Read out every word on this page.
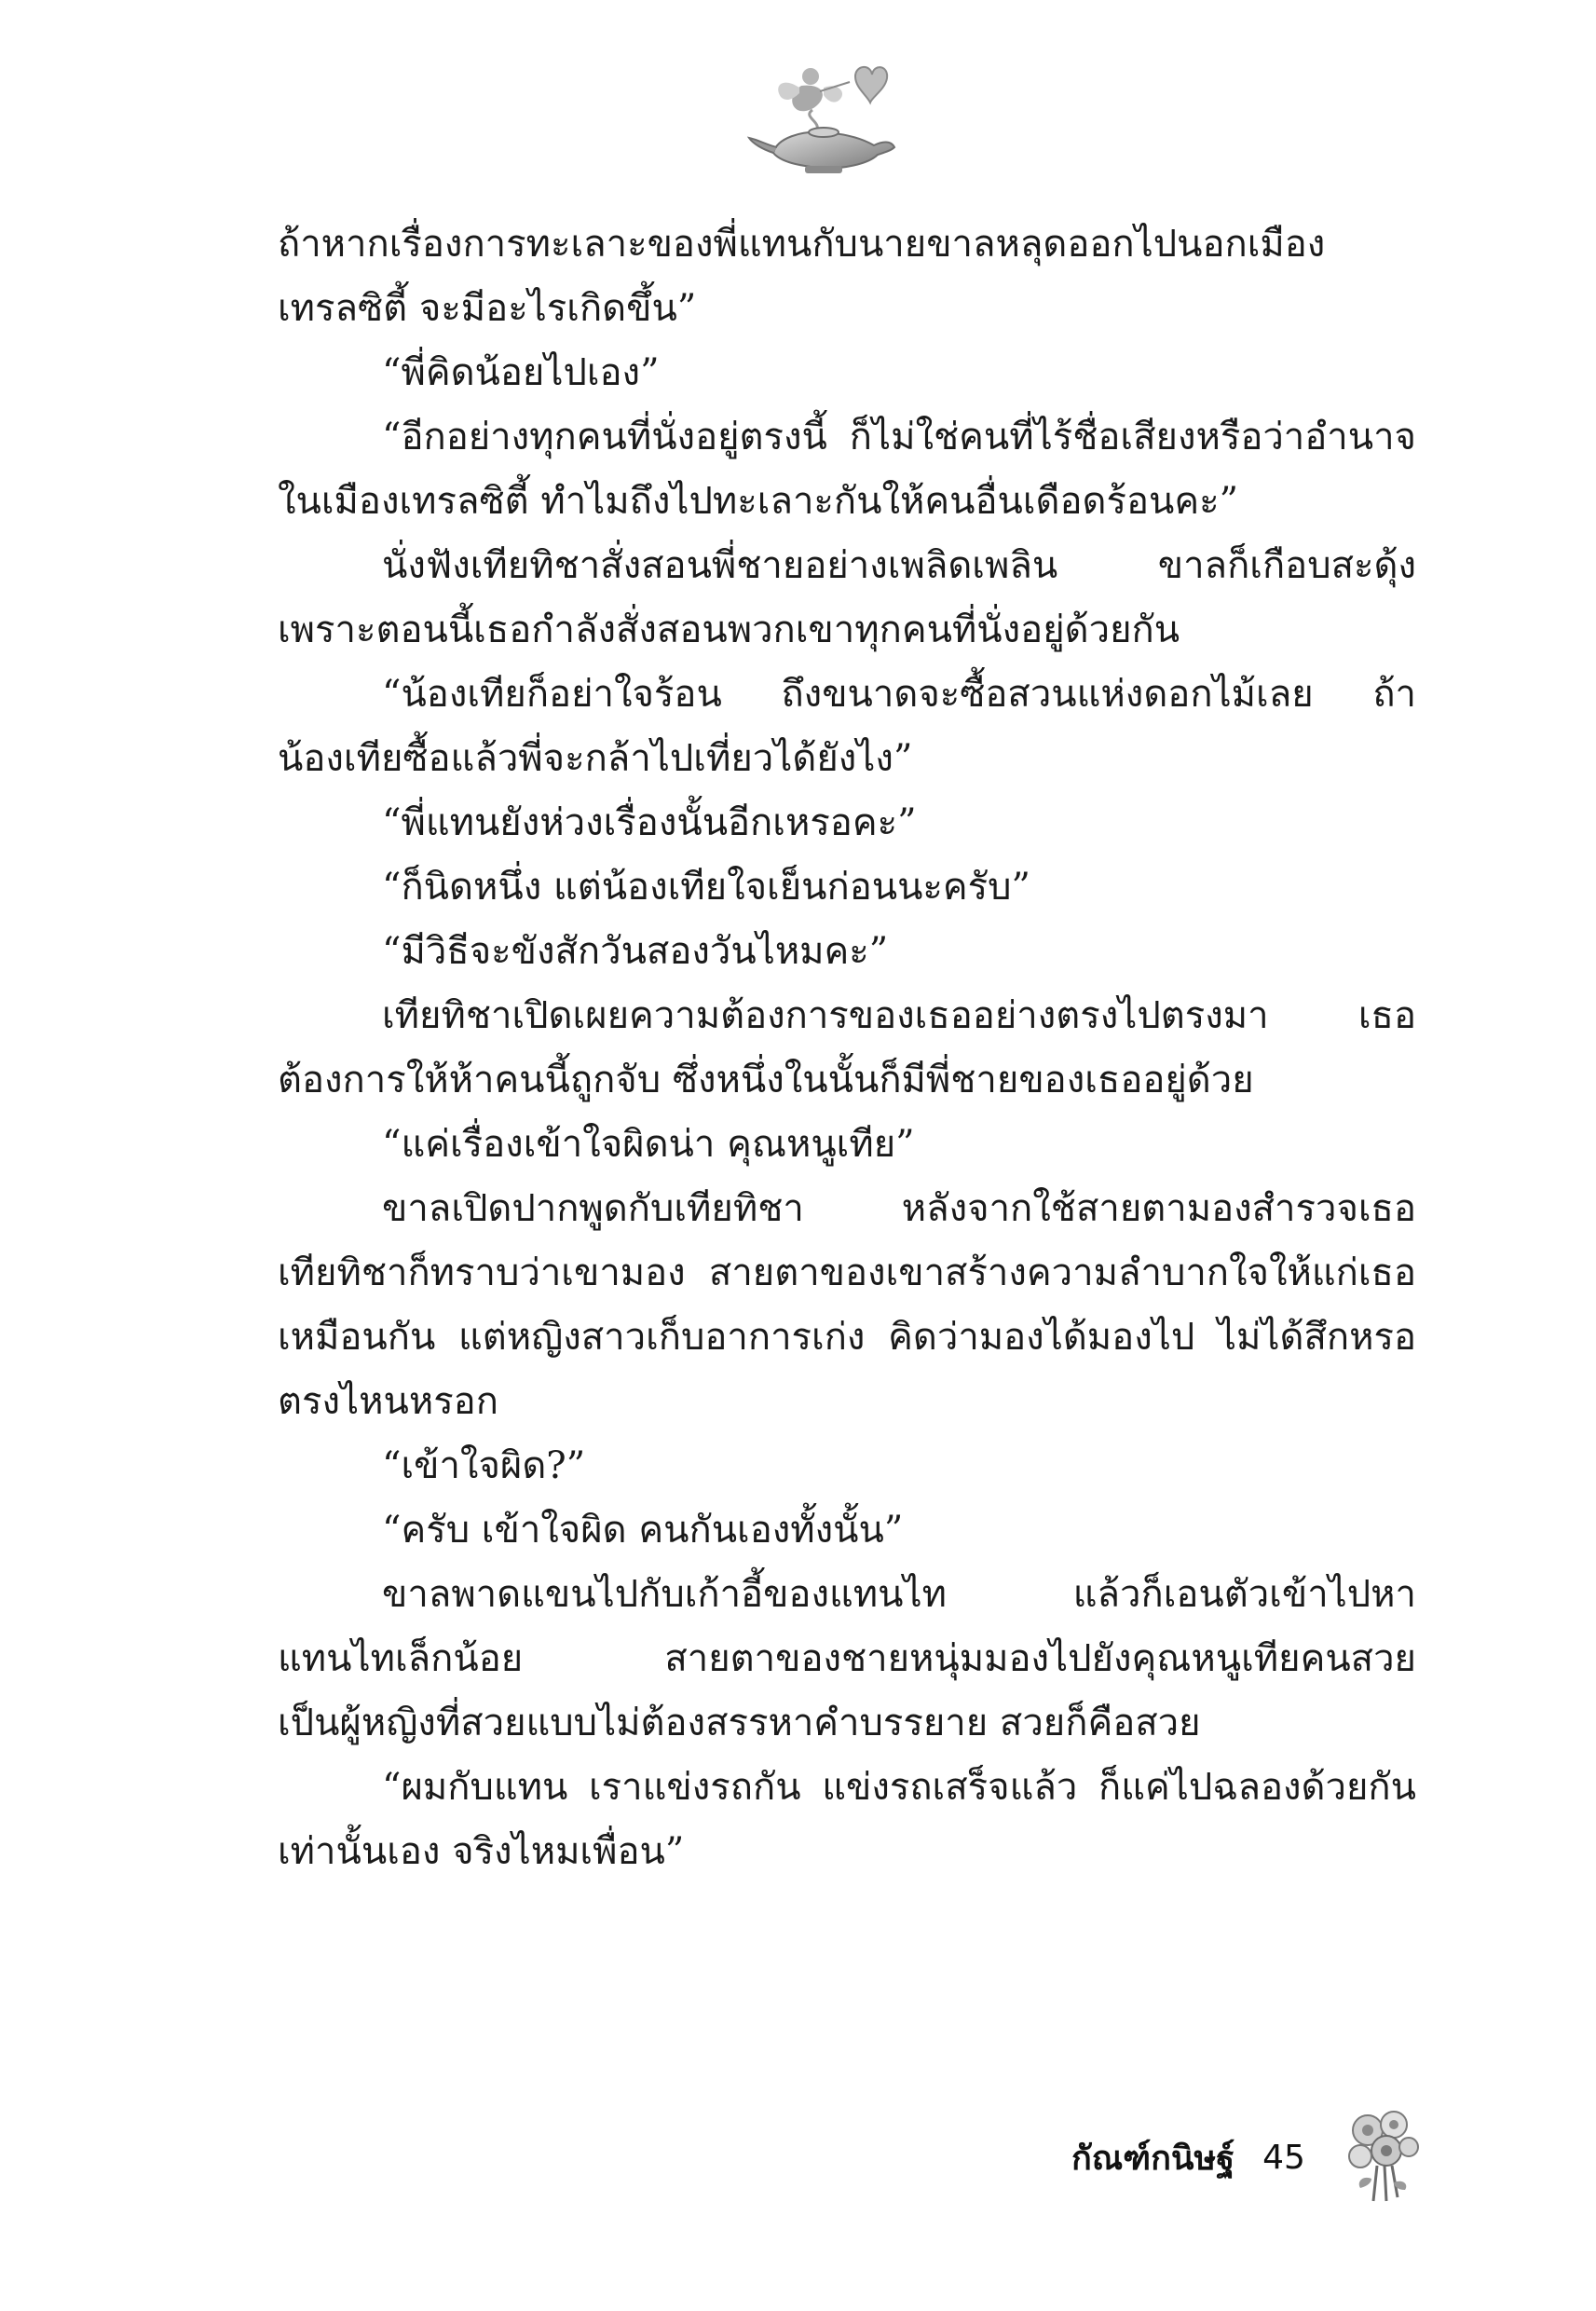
ถ้าหากเรื่องการทะเลาะของพี่แทนกับนายขาลหลุดออกไปนอกเมือง
เทรลซิตี้ จะมีอะไรเกิดขึ้น”
“พี่คิดน้อยไปเอง”
“อีกอย่างทุกคนที่นั่งอยู่ตรงนี้ ก็ไม่ใช่คนที่ไร้ชื่อเสียงหรือว่าอำนาจ
ในเมืองเทรลซิตี้ ทำไมถึงไปทะเลาะกันให้คนอื่นเดือดร้อนคะ”
นั่งฟังเทียทิชาสั่งสอนพี่ชายอย่างเพลิดเพลิน ขาลก็เกือบสะดุ้ง
เพราะตอนนี้เธอกำลังสั่งสอนพวกเขาทุกคนที่นั่งอยู่ด้วยกัน
“น้องเทียก็อย่าใจร้อน ถึงขนาดจะซื้อสวนแห่งดอกไม้เลย ถ้า
น้องเทียซื้อแล้วพี่จะกล้าไปเที่ยวได้ยังไง”
“พี่แทนยังห่วงเรื่องนั้นอีกเหรอคะ”
“ก็นิดหนึ่ง แต่น้องเทียใจเย็นก่อนนะครับ”
“มีวิธีจะขังสักวันสองวันไหมคะ”
เทียทิชาเปิดเผยความต้องการของเธออย่างตรงไปตรงมา เธอ
ต้องการให้ห้าคนนี้ถูกจับ ซึ่งหนึ่งในนั้นก็มีพี่ชายของเธออยู่ด้วย
“แค่เรื่องเข้าใจผิดน่า คุณหนูเทีย”
ขาลเปิดปากพูดกับเทียทิชา หลังจากใช้สายตามองสำรวจเธอ
เทียทิชาก็ทราบว่าเขามอง สายตาของเขาสร้างความลำบากใจให้แก่เธอ
เหมือนกัน แต่หญิงสาวเก็บอาการเก่ง คิดว่ามองได้มองไป ไม่ได้สึกหรอ
ตรงไหนหรอก
“เข้าใจผิด?”
“ครับ เข้าใจผิด คนกันเองทั้งนั้น”
ขาลพาดแขนไปกับเก้าอี้ของแทนไท แล้วก็เอนตัวเข้าไปหา
แทนไทเล็กน้อย สายตาของชายหนุ่มมองไปยังคุณหนูเทียคนสวย
เป็นผู้หญิงที่สวยแบบไม่ต้องสรรหาคำบรรยาย สวยก็คือสวย
“ผมกับแทน เราแข่งรถกัน แข่งรถเสร็จแล้ว ก็แค่ไปฉลองด้วยกัน
เท่านั้นเอง จริงไหมเพื่อน”
กัณฑ์กนิษฐ์ 45
